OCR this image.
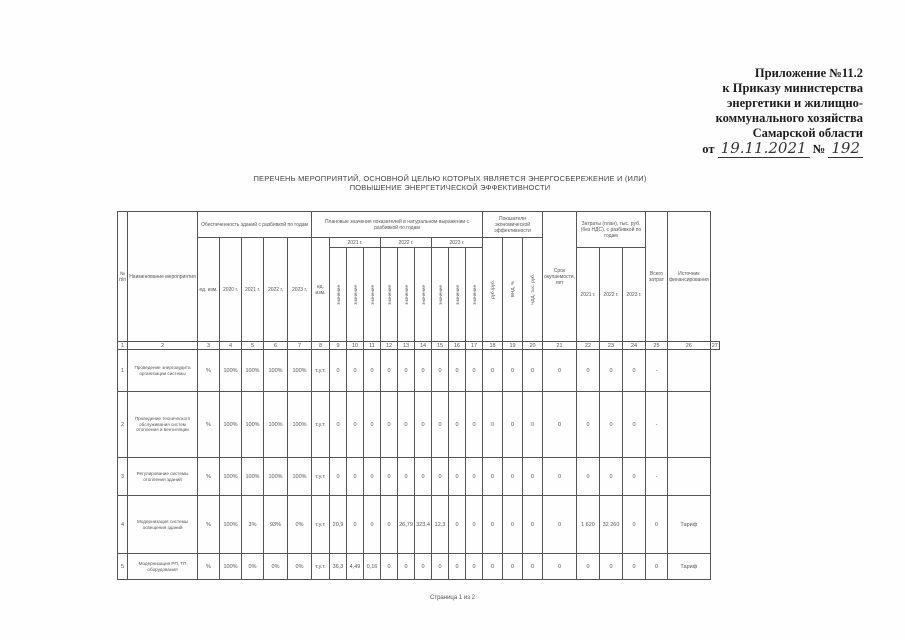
Приложение №11.2
к Приказу министерства
энергетики и жилищно-
коммунального хозяйства
Самарской области
от 19.11.2021 № 192
ПЕРЕЧЕНЬ МЕРОПРИЯТИЙ, ОСНОВНОЙ ЦЕЛЬЮ КОТОРЫХ ЯВЛЯЕТСЯ ЭНЕРГОСБЕРЕЖЕНИЕ И (ИЛИ)
ПОВЫШЕНИЕ ЭНЕРГЕТИЧЕСКОЙ ЭФФЕКТИВНОСТИ
№ п/п	Наименование мероприятия	Обеспеченность зданий с разбивкой по годам					Плановые значения показателей в натуральном выражении с разбивкой по годам										Показатели экономической эффективности			Срок окупаемости, лет	Затраты (план), тыс. руб. (без НДС), с разбивкой по годам			Всего затрат	Источник финансирования	
		ед. изм.	2020 г.	2021 г.	2022 г.	2023 г.	ед. изм.	2021 г.			2022 г.			2023 г.			руб./руб.	ВНД, %	ЧДД, тыс. руб.							

								значение	значение	значение	значение	значение	значение	значение	значение	значение					2021 г.	2022 г.	2023 г.			
1	2	3	4	5	6	7	8	9	10	11	12	13	14	15	16	17	18	19	20	21	22	23	24	25	26	27
1	Проведение энергоаудита организации системы	%	100%	100%	100%	100%	т.у.т.	0	0	0	0	0	0	0	0	0	0	0	0	0	0	0	0	-		
2	Проведение технического обслуживания систем отопления и вентиляции	%	100%	100%	100%	100%	т.у.т.	0	0	0	0	0	0	0	0	0	0	0	0	0	0	0	0	-		
3	Регулирование системы отопления зданий	%	100%	100%	100%	100%	т.у.т.	0	0	0	0	0	0	0	0	0	0	0	0	0	0	0	0	-		
4	Модернизация системы освещения зданий	%	100%	3%	93%	0%	т.у.т.	20,9	0	0	0	26,79	323,4	12,3	0	0	0	0	0	0	1 620	32 260	0	0	Тариф	
5	Модернизация РП, ТП оборудования	%	100%	0%	0%	0%	т.у.т.	36,3	4,49	0,16	0	0	0	0	0	0	0	0	0	0	0	0	0	0	Тариф	
Страница 1 из 2
